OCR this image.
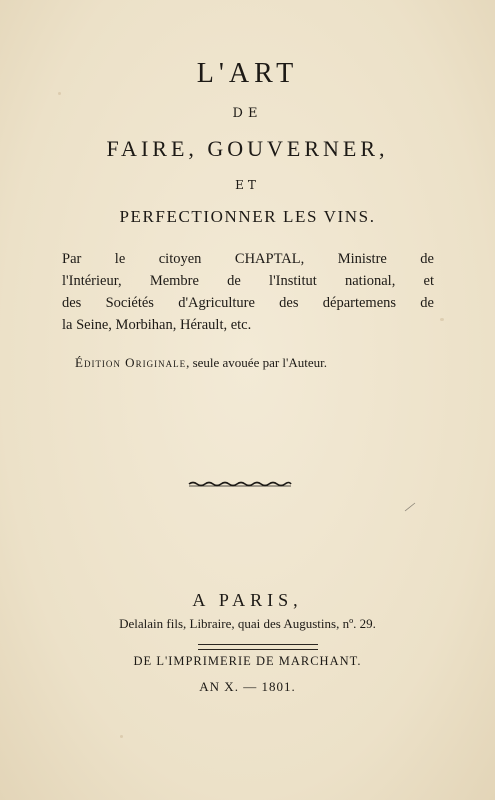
L'ART
DE
FAIRE, GOUVERNER,
ET
PERFECTIONNER LES VINS.
Par le citoyen CHAPTAL, Ministre de
l'Intérieur, Membre de l'Institut national, et
des Sociétés d'Agriculture des départemens de
la Seine, Morbihan, Hérault, etc.
Édition Originale, seule avouée par l'Auteur.
A PARIS,
Delalain fils, Libraire, quai des Augustins, nº. 29.
DE L'IMPRIMERIE DE MARCHANT.
AN X. — 1801.
